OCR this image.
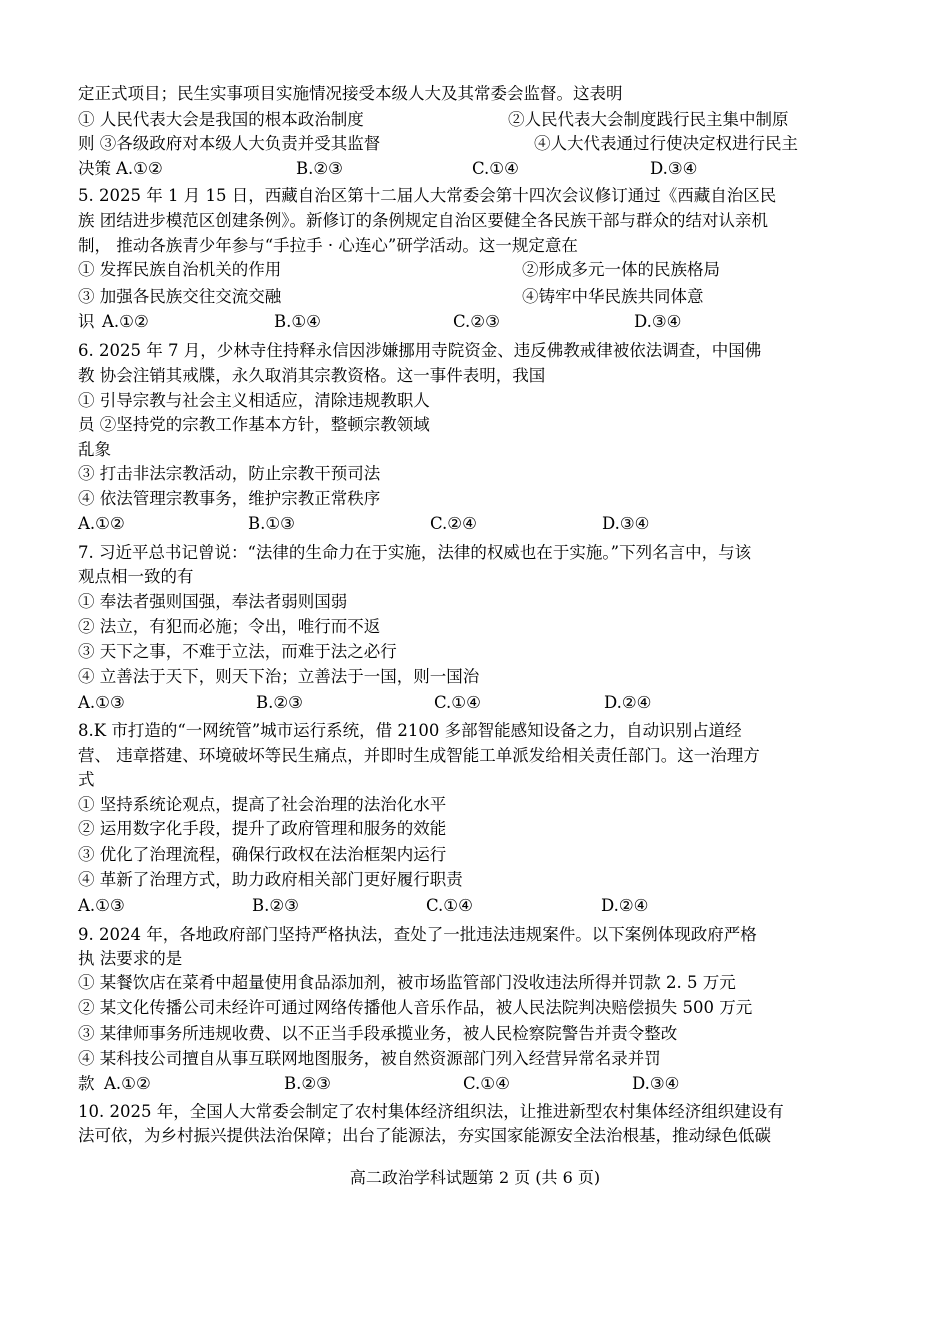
定正式项目；民生实事项目实施情况接受本级人大及其常委会监督。这表明
① 人民代表大会是我国的根本政治制度	②人民代表大会制度践行民主集中制原
则 ③各级政府对本级人大负责并受其监督	④人大代表通过行使决定权进行民主
决策 A.①②	B.②③	C.①④	D.③④
5. 2025 年 1 月 15 日，西藏自治区第十二届人大常委会第十四次会议修订通过《西藏自治区民
族 团结进步模范区创建条例》。新修订的条例规定自治区要健全各民族干部与群众的结对认亲机
制， 推动各族青少年参与“手拉手 · 心连心”研学活动。这一规定意在
① 发挥民族自治机关的作用	②形成多元一体的民族格局
③ 加强各民族交往交流交融	④铸牢中华民族共同体意
识 A.①②	B.①④	C.②③	D.③④
6. 2025 年 7 月，少林寺住持释永信因涉嫌挪用寺院资金、违反佛教戒律被依法调查，中国佛
教 协会注销其戒牒，永久取消其宗教资格。这一事件表明，我国
① 引导宗教与社会主义相适应，清除违规教职人
员 ②坚持党的宗教工作基本方针，整顿宗教领域
乱象
③ 打击非法宗教活动，防止宗教干预司法
④ 依法管理宗教事务，维护宗教正常秩序
A.①②	B.①③	C.②④	D.③④
7. 习近平总书记曾说：“法律的生命力在于实施，法律的权威也在于实施。”下列名言中，与该
观点相一致的有
① 奉法者强则国强，奉法者弱则国弱
② 法立，有犯而必施；令出，唯行而不返
③ 天下之事，不难于立法，而难于法之必行
④ 立善法于天下，则天下治；立善法于一国，则一国治
A.①③	B.②③	C.①④	D.②④
8.K 市打造的“一网统管”城市运行系统，借 2100 多部智能感知设备之力，自动识别占道经
营、 违章搭建、环境破坏等民生痛点，并即时生成智能工单派发给相关责任部门。这一治理方
式
① 坚持系统论观点，提高了社会治理的法治化水平
② 运用数字化手段，提升了政府管理和服务的效能
③ 优化了治理流程，确保行政权在法治框架内运行
④ 革新了治理方式，助力政府相关部门更好履行职责
A.①③	B.②③	C.①④	D.②④
9. 2024 年，各地政府部门坚持严格执法，查处了一批违法违规案件。以下案例体现政府严格
执 法要求的是
① 某餐饮店在菜肴中超量使用食品添加剂，被市场监管部门没收违法所得并罚款 2. 5 万元
② 某文化传播公司未经许可通过网络传播他人音乐作品，被人民法院判决赔偿损失 500 万元
③ 某律师事务所违规收费、以不正当手段承揽业务，被人民检察院警告并责令整改
④ 某科技公司擅自从事互联网地图服务，被自然资源部门列入经营异常名录并罚
款 A.①②	B.②③	C.①④	D.③④
10. 2025 年，全国人大常委会制定了农村集体经济组织法，让推进新型农村集体经济组织建设有
法可依，为乡村振兴提供法治保障；出台了能源法，夯实国家能源安全法治根基，推动绿色低碳
高二政治学科试题第 2 页 (共 6 页)
